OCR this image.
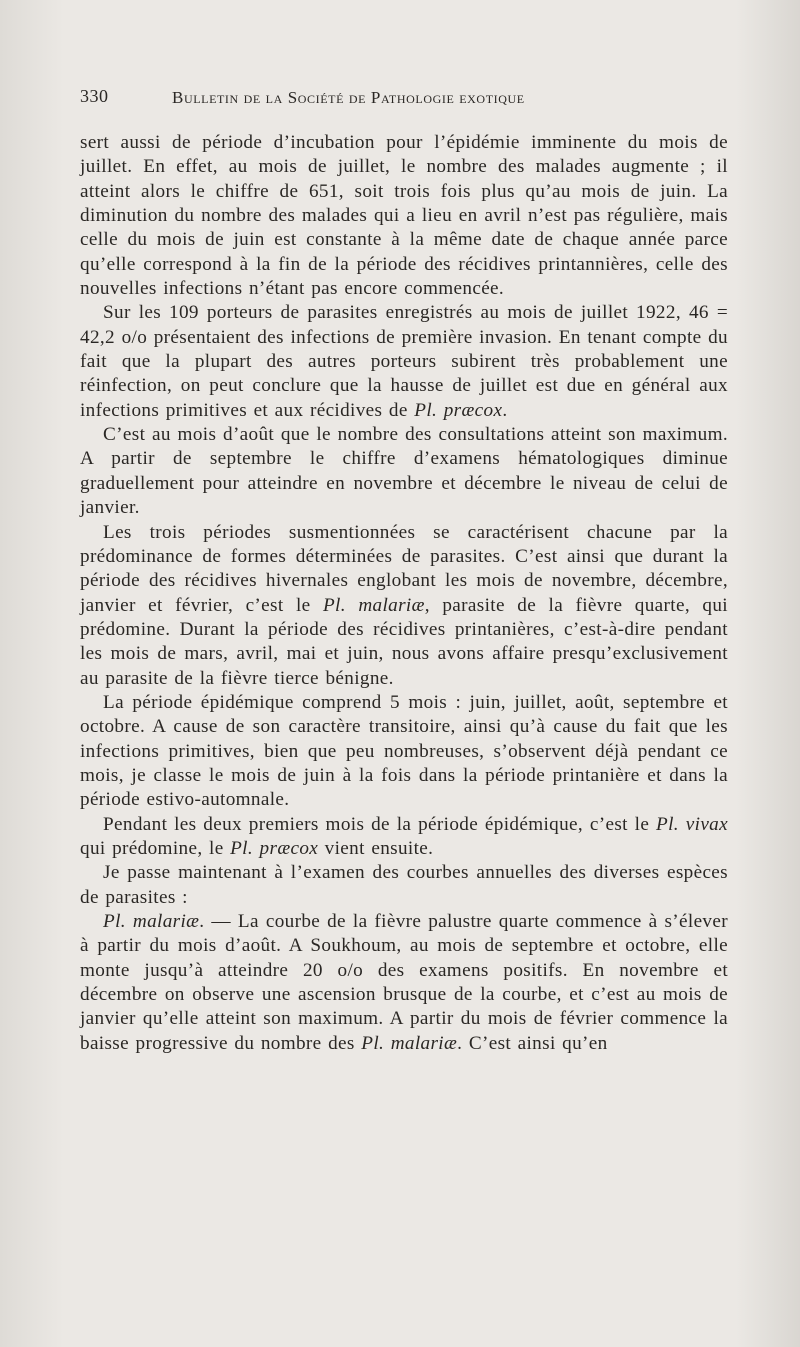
330	Bulletin de la Société de Pathologie exotique

sert aussi de période d’incubation pour l’épidémie imminente du mois de juillet. En effet, au mois de juillet, le nombre des malades augmente ; il atteint alors le chiffre de 651, soit trois fois plus qu’au mois de juin. La diminution du nombre des malades qui a lieu en avril n’est pas régulière, mais celle du mois de juin est constante à la même date de chaque année parce qu’elle correspond à la fin de la période des récidives printannières, celle des nouvelles infections n’étant pas encore commencée.

Sur les 109 porteurs de parasites enregistrés au mois de juillet 1922, 46 = 42,2 o/o présentaient des infections de première invasion. En tenant compte du fait que la plupart des autres porteurs subirent très probablement une réinfection, on peut conclure que la hausse de juillet est due en général aux infections primitives et aux récidives de Pl. præcox.

C’est au mois d’août que le nombre des consultations atteint son maximum. A partir de septembre le chiffre d’examens hématologiques diminue graduellement pour atteindre en novembre et décembre le niveau de celui de janvier.

Les trois périodes susmentionnées se caractérisent chacune par la prédominance de formes déterminées de parasites. C’est ainsi que durant la période des récidives hivernales englobant les mois de novembre, décembre, janvier et février, c’est le Pl. malariæ, parasite de la fièvre quarte, qui prédomine. Durant la période des récidives printanières, c’est-à-dire pendant les mois de mars, avril, mai et juin, nous avons affaire presqu’exclusivement au parasite de la fièvre tierce bénigne.

La période épidémique comprend 5 mois : juin, juillet, août, septembre et octobre. A cause de son caractère transitoire, ainsi qu’à cause du fait que les infections primitives, bien que peu nombreuses, s’observent déjà pendant ce mois, je classe le mois de juin à la fois dans la période printanière et dans la période estivo-automnale.

Pendant les deux premiers mois de la période épidémique, c’est le Pl. vivax qui prédomine, le Pl. præcox vient ensuite.

Je passe maintenant à l’examen des courbes annuelles des diverses espèces de parasites :

Pl. malariæ. — La courbe de la fièvre palustre quarte commence à s’élever à partir du mois d’août. A Soukhoum, au mois de septembre et octobre, elle monte jusqu’à atteindre 20 o/o des examens positifs. En novembre et décembre on observe une ascension brusque de la courbe, et c’est au mois de janvier qu’elle atteint son maximum. A partir du mois de février commence la baisse progressive du nombre des Pl. malariæ. C’est ainsi qu’en
